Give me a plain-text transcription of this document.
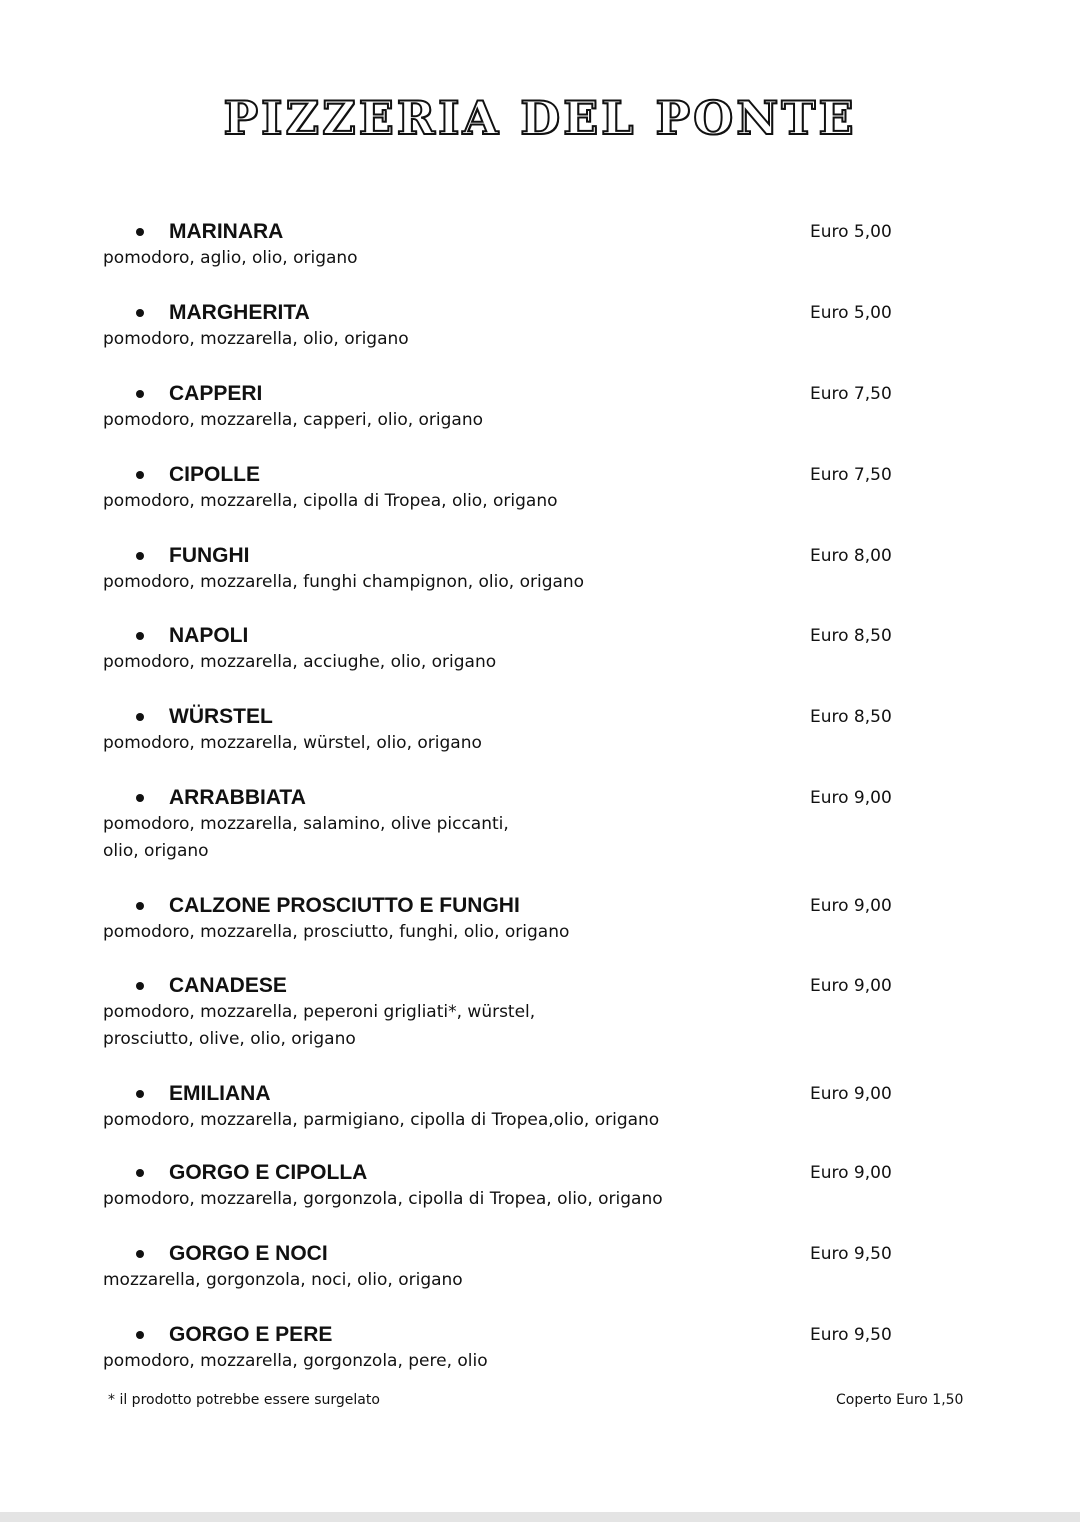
PIZZERIA DEL PONTE
MARINARA	Euro 5,00
pomodoro, aglio, olio, origano
MARGHERITA	Euro 5,00
pomodoro, mozzarella, olio, origano
CAPPERI	Euro 7,50
pomodoro, mozzarella, capperi, olio, origano
CIPOLLE	Euro 7,50
pomodoro, mozzarella, cipolla di Tropea, olio, origano
FUNGHI	Euro 8,00
pomodoro, mozzarella, funghi champignon, olio, origano
NAPOLI	Euro 8,50
pomodoro, mozzarella, acciughe, olio, origano
WÜRSTEL	Euro 8,50
pomodoro, mozzarella, würstel, olio, origano
ARRABBIATA	Euro 9,00
pomodoro, mozzarella, salamino, olive piccanti,
olio, origano
CALZONE PROSCIUTTO E FUNGHI	Euro 9,00
pomodoro, mozzarella, prosciutto, funghi, olio, origano
CANADESE	Euro 9,00
pomodoro, mozzarella, peperoni grigliati*, würstel,
prosciutto, olive, olio, origano
EMILIANA	Euro 9,00
pomodoro, mozzarella, parmigiano, cipolla di Tropea,olio, origano
GORGO E CIPOLLA	Euro 9,00
pomodoro, mozzarella, gorgonzola, cipolla di Tropea, olio, origano
GORGO E NOCI	Euro 9,50
mozzarella, gorgonzola, noci, olio, origano
GORGO E PERE	Euro 9,50
pomodoro, mozzarella, gorgonzola, pere, olio
* il prodotto potrebbe essere surgelato	Coperto Euro 1,50
